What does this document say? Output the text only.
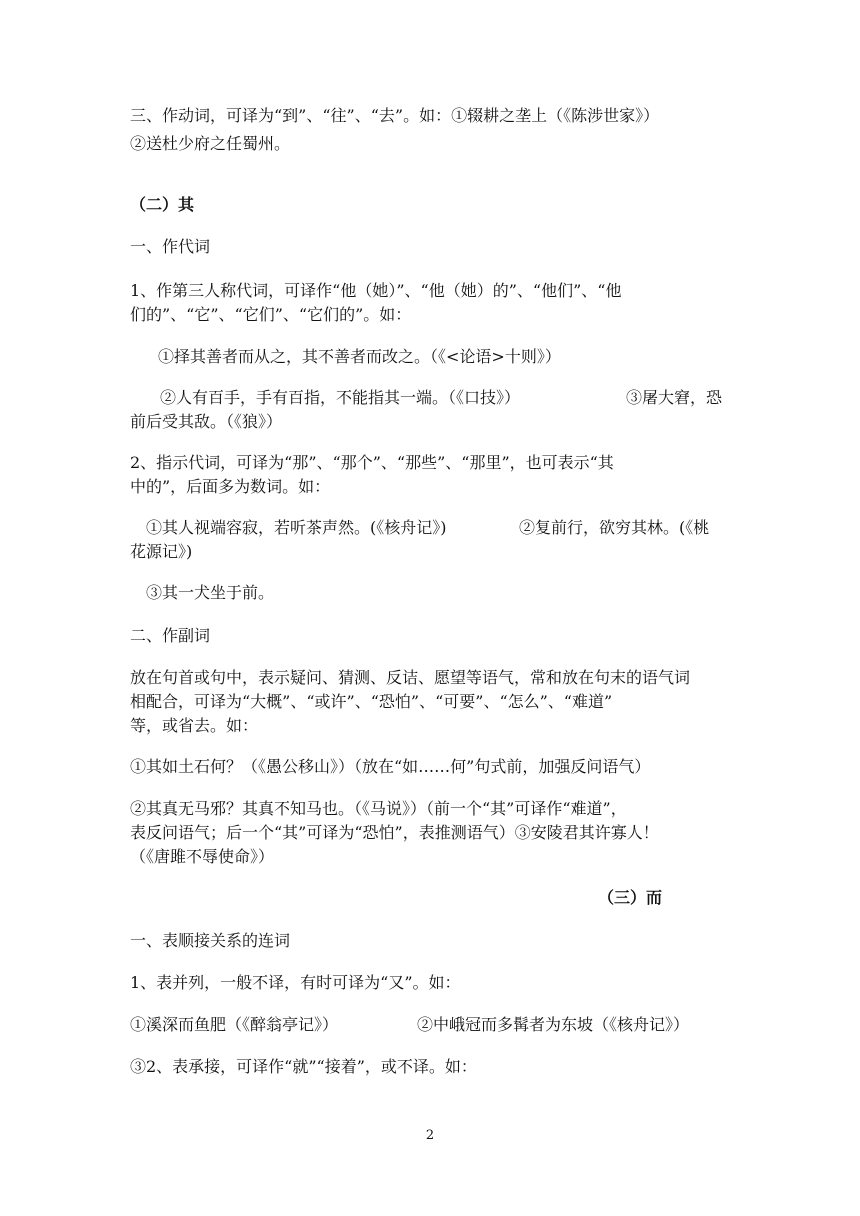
三、作动词，可译为“到”、“往”、“去”。如：①辍耕之垄上（《陈涉世家》）
②送杜少府之任蜀州。
（二）其
一、作代词
1、作第三人称代词，可译作“他（她）”、“他（她）的”、“他们”、“他
们的”、“它”、“它们”、“它们的”。如：
①择其善者而从之，其不善者而改之。（《<论语>十则》）
②人有百手，手有百指，不能指其一端。（《口技》）	③屠大窘，恐
前后受其敌。（《狼》）
2、指示代词，可译为“那”、“那个”、“那些”、“那里”，也可表示“其
中的”，后面多为数词。如：
①其人视端容寂，若听茶声然。(《核舟记》)	②复前行，欲穷其林。(《桃
花源记》)
③其一犬坐于前。
二、作副词
放在句首或句中，表示疑问、猜测、反诘、愿望等语气，常和放在句末的语气词
相配合，可译为“大概”、“或许”、“恐怕”、“可要”、“怎么”、“难道”
等，或省去。如：
①其如土石何？（《愚公移山》）（放在“如……何”句式前，加强反问语气）
②其真无马邪？其真不知马也。（《马说》）（前一个“其”可译作“难道”，
表反问语气；后一个“其”可译为“恐怕”，表推测语气）③安陵君其许寡人！
（《唐雎不辱使命》）
（三）而
一、表顺接关系的连词
1、表并列，一般不译，有时可译为“又”。如：
①溪深而鱼肥（《醉翁亭记》）	②中峨冠而多髯者为东坡（《核舟记》）
③2、表承接，可译作“就”“接着”，或不译。如：
2
